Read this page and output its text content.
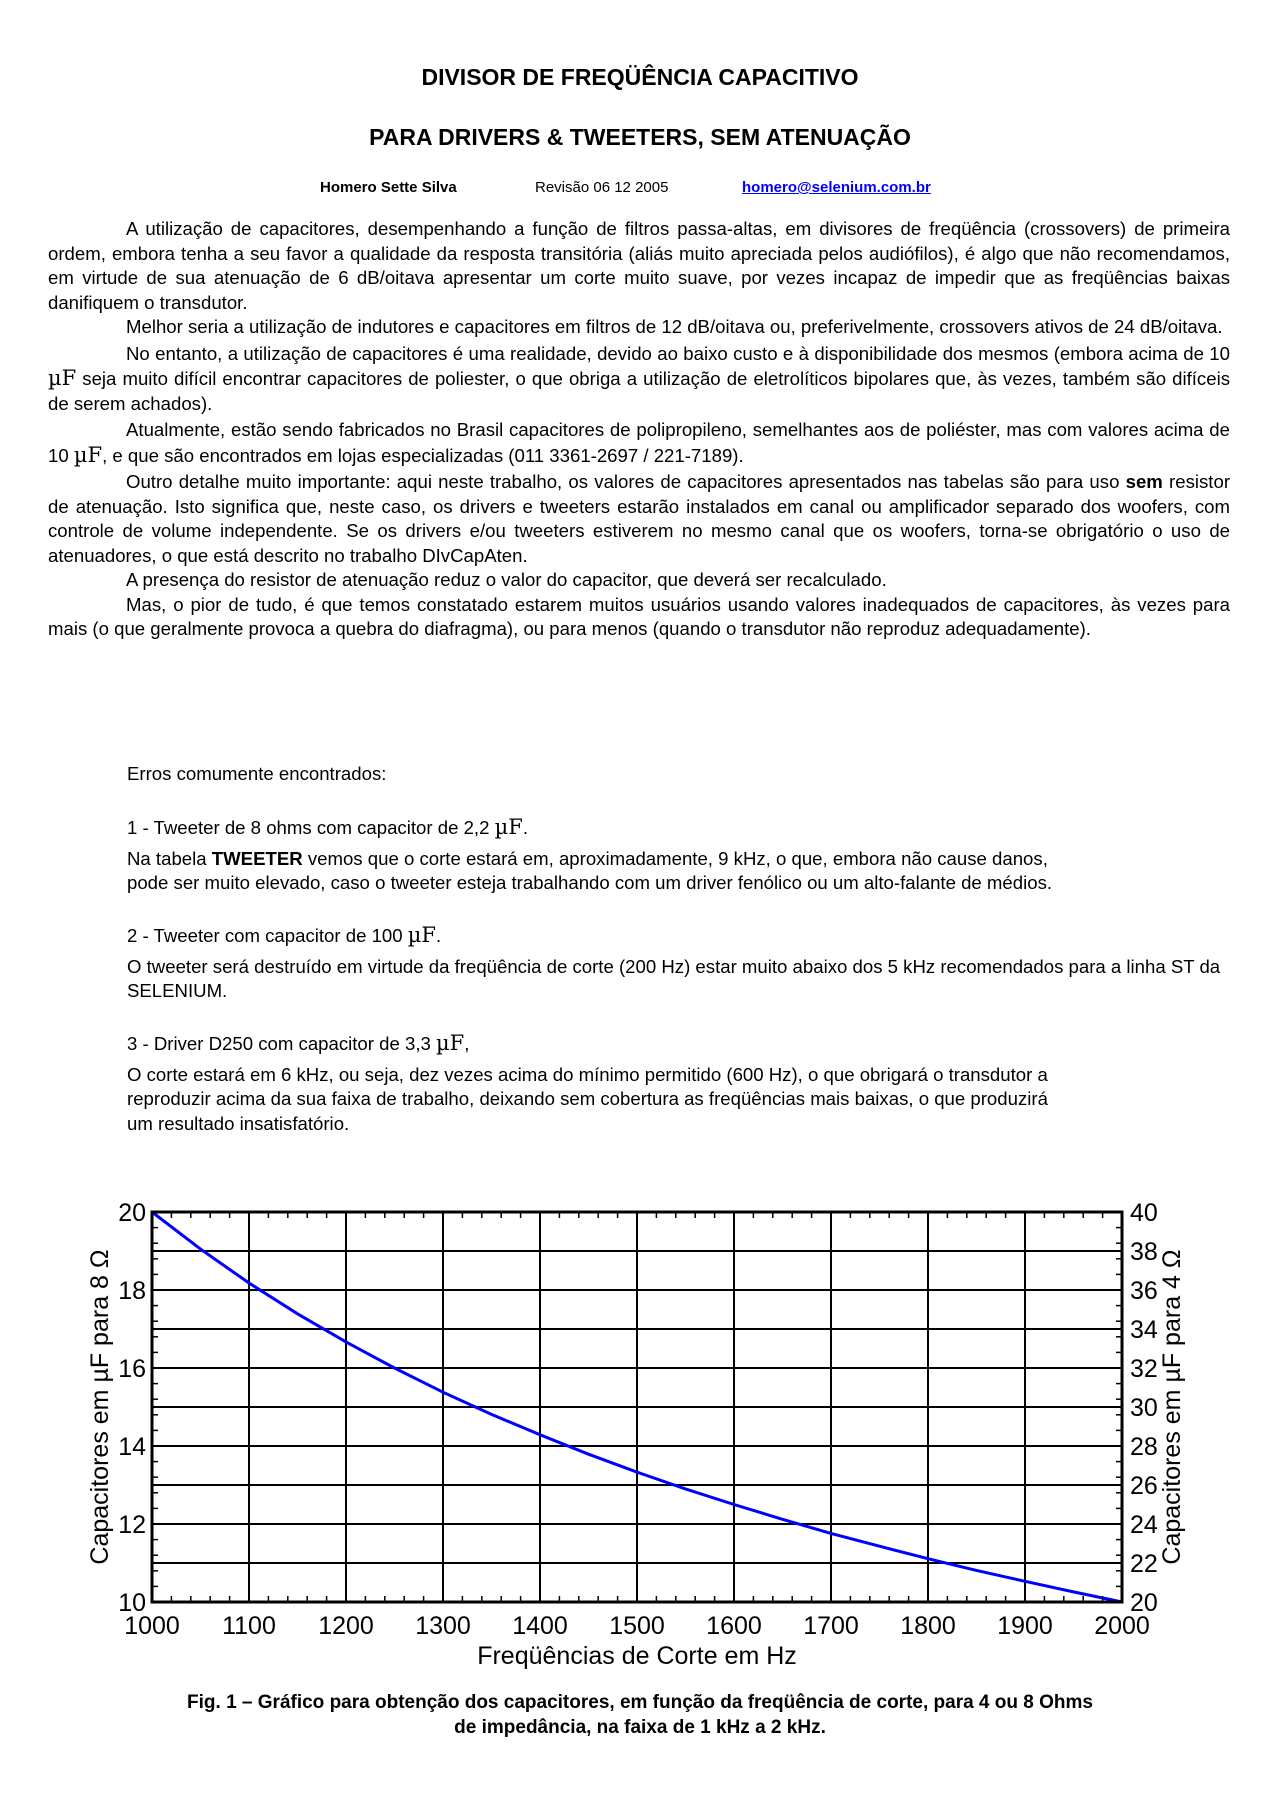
DIVISOR DE FREQÜÊNCIA CAPACITIVO
PARA DRIVERS & TWEETERS, SEM ATENUAÇÃO
Homero Sette Silva	Revisão 06 12 2005	homero@selenium.com.br

A utilização de capacitores, desempenhando a função de filtros passa-altas, em divisores de freqüência (crossovers) de primeira ordem, embora tenha a seu favor a qualidade da resposta transitória (aliás muito apreciada pelos audiófilos), é algo que não recomendamos, em virtude de sua atenuação de 6 dB/oitava apresentar um corte muito suave, por vezes incapaz de impedir que as freqüências baixas danifiquem o transdutor.

Melhor seria a utilização de indutores e capacitores em filtros de 12 dB/oitava ou, preferivelmente, crossovers ativos de 24 dB/oitava.

No entanto, a utilização de capacitores é uma realidade, devido ao baixo custo e à disponibilidade dos mesmos (embora acima de 10 µF seja muito difícil encontrar capacitores de poliester, o que obriga a utilização de eletrolíticos bipolares que, às vezes, também são difíceis de serem achados).

Atualmente, estão sendo fabricados no Brasil capacitores de polipropileno, semelhantes aos de poliéster, mas com valores acima de 10 µF, e que são encontrados em lojas especializadas (011 3361-2697 / 221-7189).

Outro detalhe muito importante: aqui neste trabalho, os valores de capacitores apresentados nas tabelas são para uso sem resistor de atenuação. Isto significa que, neste caso, os drivers e tweeters estarão instalados em canal ou amplificador separado dos woofers, com controle de volume independente. Se os drivers e/ou tweeters estiverem no mesmo canal que os woofers, torna-se obrigatório o uso de atenuadores, o que está descrito no trabalho DIvCapAten.

A presença do resistor de atenuação reduz o valor do capacitor, que deverá ser recalculado.

Mas, o pior de tudo, é que temos constatado estarem muitos usuários usando valores inadequados de capacitores, às vezes para mais (o que geralmente provoca a quebra do diafragma), ou para menos (quando o transdutor não reproduz adequadamente).

Erros comumente encontrados:

1 - Tweeter de 8 ohms com capacitor de 2,2 µF.

Na tabela TWEETER vemos que o corte estará em, aproximadamente, 9 kHz, o que, embora não cause danos,

pode ser muito elevado, caso o tweeter esteja trabalhando com um driver fenólico ou um alto-falante de médios.

2 - Tweeter com capacitor de 100 µF.

O tweeter será destruído em virtude da freqüência de corte (200 Hz) estar muito abaixo dos 5 kHz recomendados para a linha ST da SELENIUM.

3 - Driver D250 com capacitor de 3,3 µF,

O corte estará em 6 kHz, ou seja, dez vezes acima do mínimo permitido (600 Hz), o que obrigará o transdutor a

reproduzir acima da sua faixa de trabalho, deixando sem cobertura as freqüências mais baixas, o que produzirá

um resultado insatisfatório.

1000 1100 1200 1300 1400 1500 1600 1700 1800 1900 2000
20
22
24
26
28
30
32
34
36
38
40
10
12
14
16
18
20
Freqüências de Corte em Hz
Capacitores em µF para 8 Ω	Capacitores em µF para 4 Ω
Fig. 1 – Gráfico para obtenção dos capacitores, em função da freqüência de corte, para 4 ou 8 Ohms
de impedância, na faixa de 1 kHz a 2 kHz.
